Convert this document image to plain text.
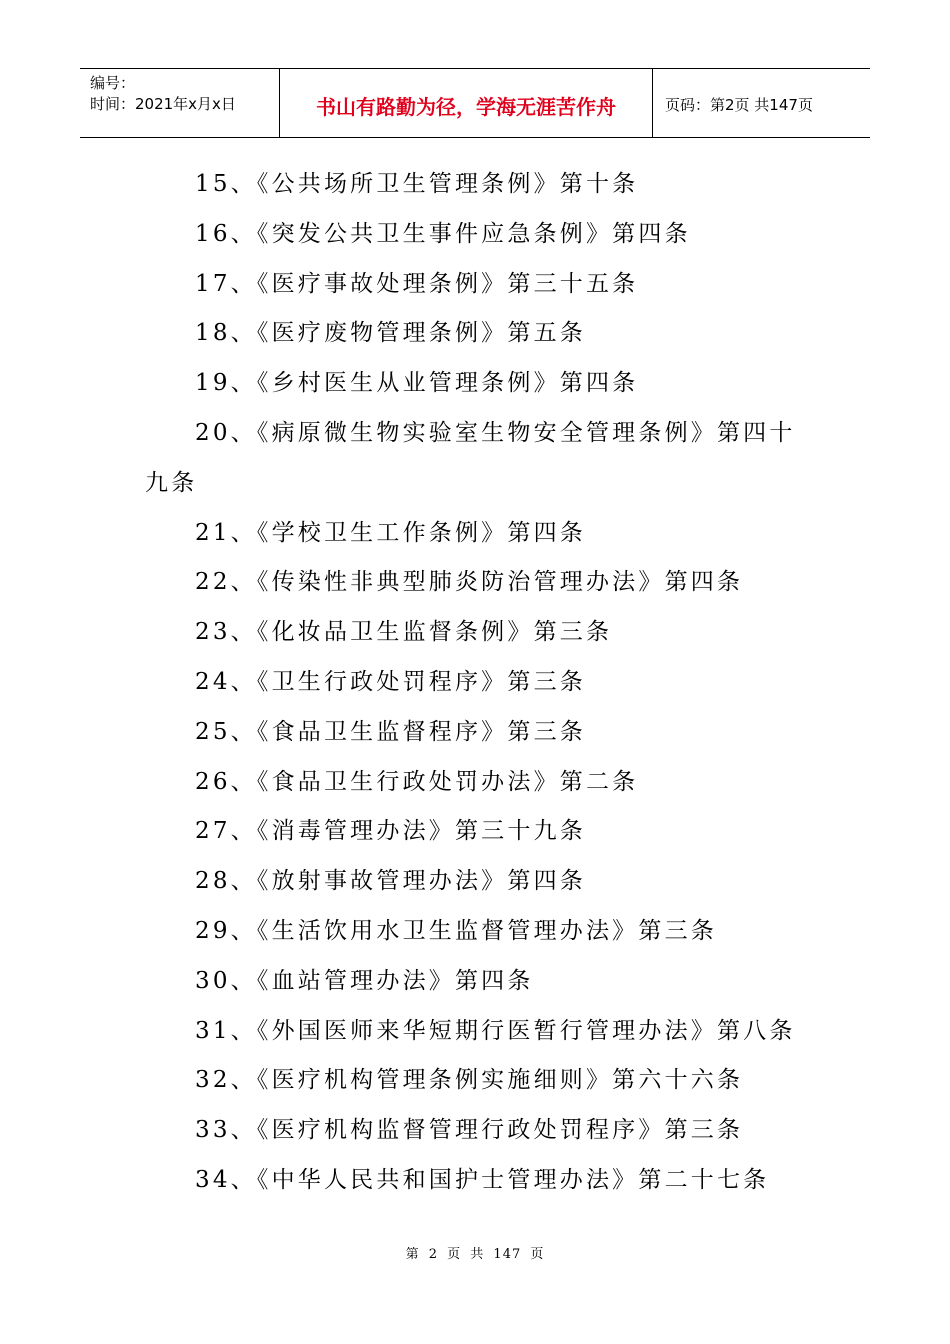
编号：
时间：2021年x月x日	书山有路勤为径，学海无涯苦作舟	页码：第2页 共147页
15、《公共场所卫生管理条例》第十条
16、《突发公共卫生事件应急条例》第四条
17、《医疗事故处理条例》第三十五条
18、《医疗废物管理条例》第五条
19、《乡村医生从业管理条例》第四条
20、《病原微生物实验室生物安全管理条例》第四十
九条
21、《学校卫生工作条例》第四条
22、《传染性非典型肺炎防治管理办法》第四条
23、《化妆品卫生监督条例》第三条
24、《卫生行政处罚程序》第三条
25、《食品卫生监督程序》第三条
26、《食品卫生行政处罚办法》第二条
27、《消毒管理办法》第三十九条
28、《放射事故管理办法》第四条
29、《生活饮用水卫生监督管理办法》第三条
30、《血站管理办法》第四条
31、《外国医师来华短期行医暂行管理办法》第八条
32、《医疗机构管理条例实施细则》第六十六条
33、《医疗机构监督管理行政处罚程序》第三条
34、《中华人民共和国护士管理办法》第二十七条
第 2 页 共 147 页
